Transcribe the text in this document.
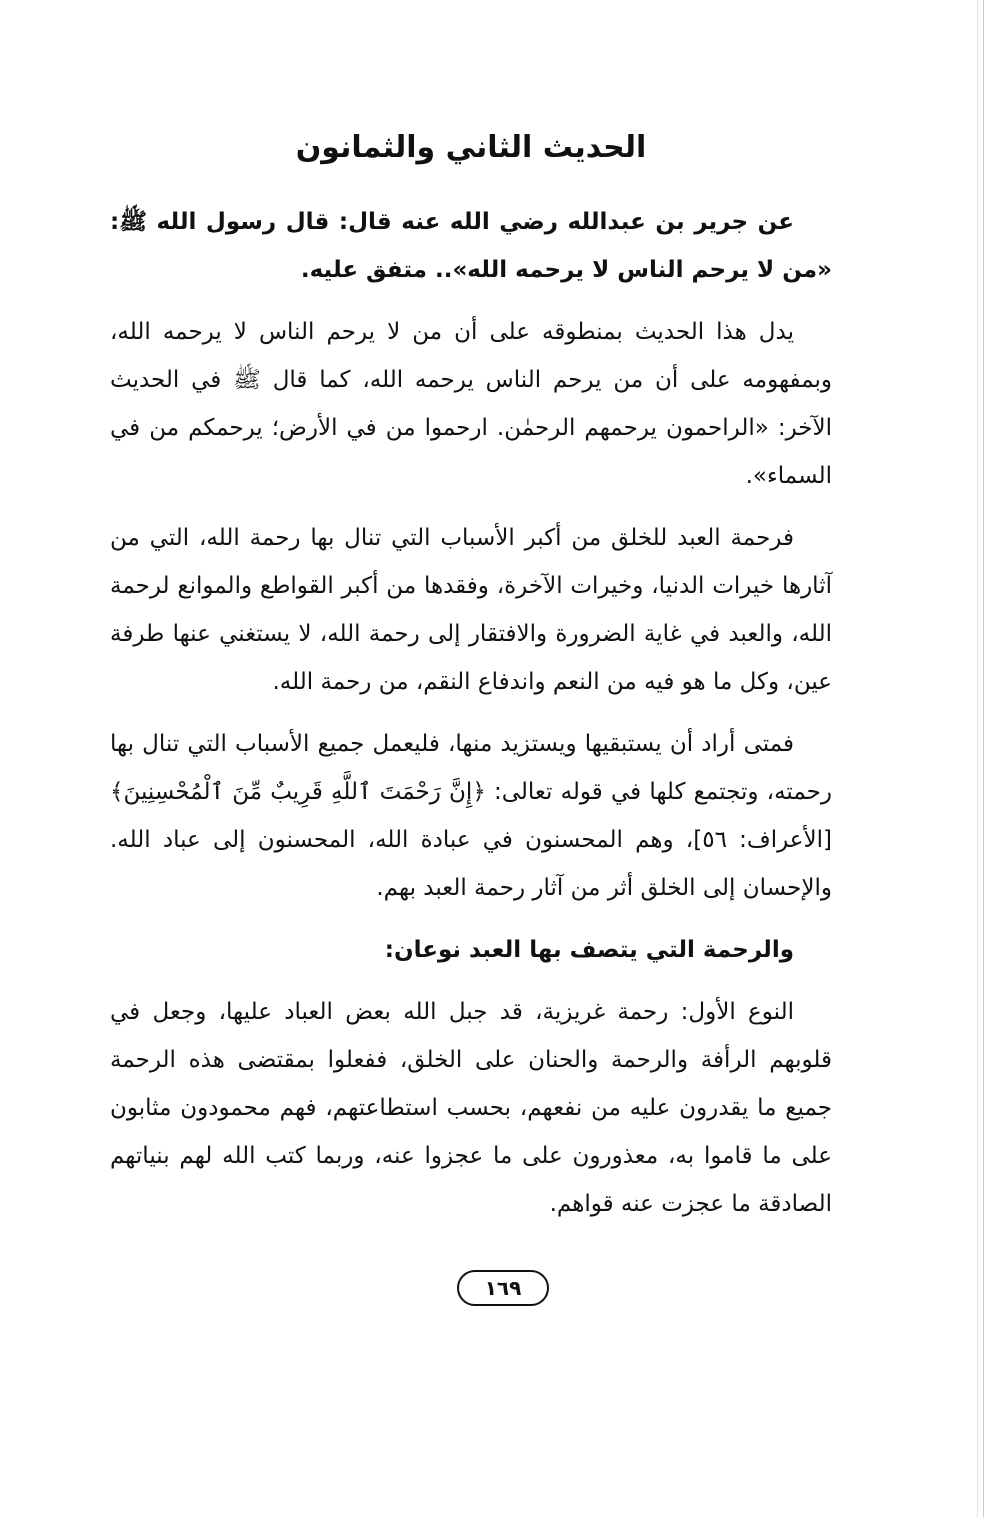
الحديث الثاني والثمانون

عن جرير بن عبدالله رضي الله عنه قال: قال رسول الله ﷺ: «من لا يرحم الناس لا يرحمه الله».. متفق عليه.

يدل هذا الحديث بمنطوقه على أن من لا يرحم الناس لا يرحمه الله، وبمفهومه على أن من يرحم الناس يرحمه الله، كما قال ﷺ في الحديث الآخر: «الراحمون يرحمهم الرحمٰن. ارحموا من في الأرض؛ يرحمكم من في السماء».

فرحمة العبد للخلق من أكبر الأسباب التي تنال بها رحمة الله، التي من آثارها خيرات الدنيا، وخيرات الآخرة، وفقدها من أكبر القواطع والموانع لرحمة الله، والعبد في غاية الضرورة والافتقار إلى رحمة الله، لا يستغني عنها طرفة عين، وكل ما هو فيه من النعم واندفاع النقم، من رحمة الله.

فمتى أراد أن يستبقيها ويستزيد منها، فليعمل جميع الأسباب التي تنال بها رحمته، وتجتمع كلها في قوله تعالى: ﴿إِنَّ رَحْمَتَ ٱللَّهِ قَرِيبٌ مِّنَ ٱلْمُحْسِنِينَ﴾ [الأعراف: ٥٦]، وهم المحسنون في عبادة الله، المحسنون إلى عباد الله. والإحسان إلى الخلق أثر من آثار رحمة العبد بهم.

والرحمة التي يتصف بها العبد نوعان:

النوع الأول: رحمة غريزية، قد جبل الله بعض العباد عليها، وجعل في قلوبهم الرأفة والرحمة والحنان على الخلق، ففعلوا بمقتضى هذه الرحمة جميع ما يقدرون عليه من نفعهم، بحسب استطاعتهم، فهم محمودون مثابون على ما قاموا به، معذورون على ما عجزوا عنه، وربما كتب الله لهم بنياتهم الصادقة ما عجزت عنه قواهم.

١٦٩
